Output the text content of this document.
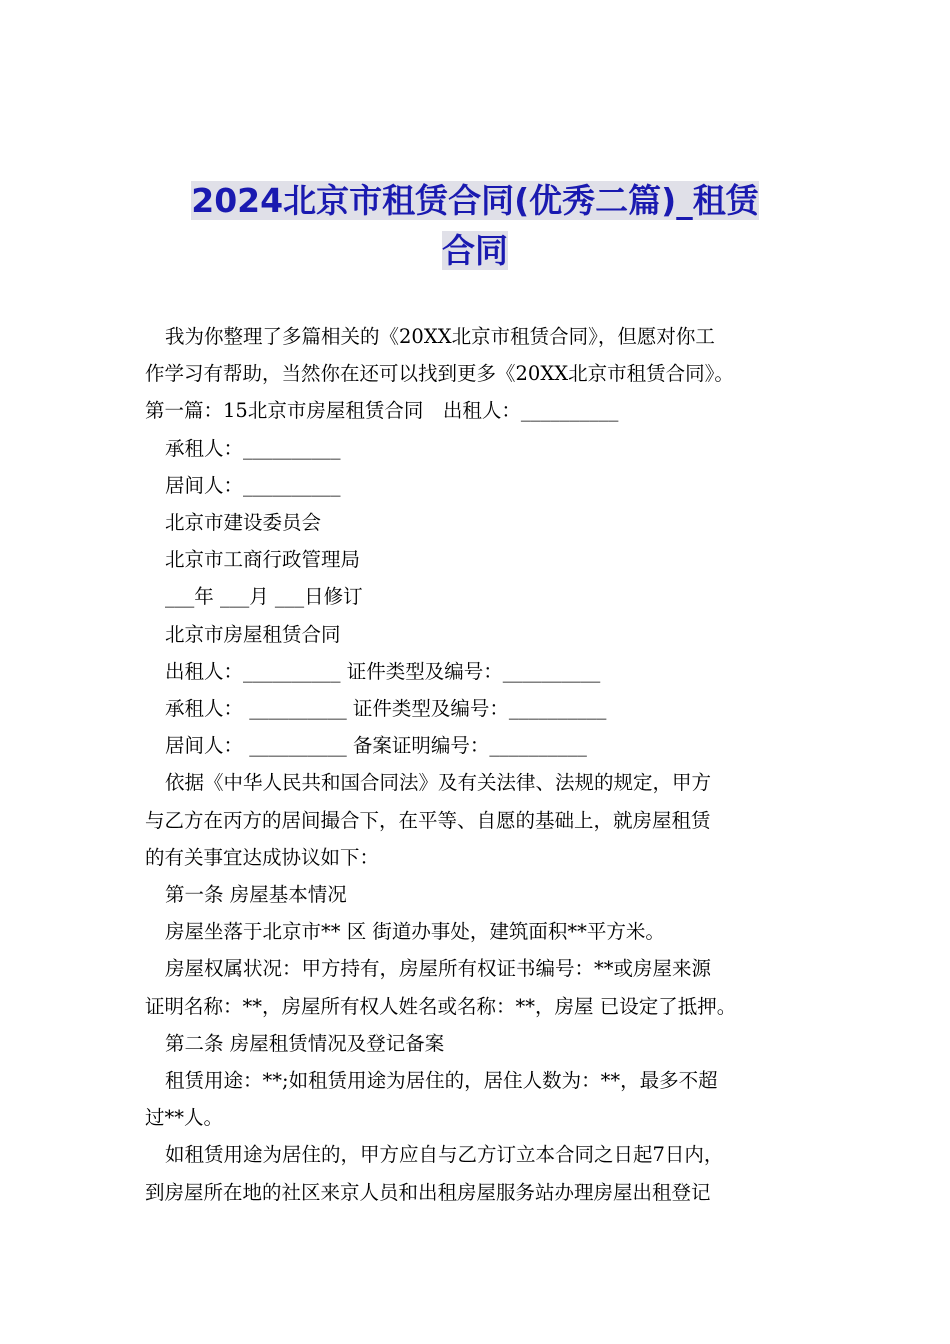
2024北京市租赁合同(优秀二篇)_租赁
合同

我为你整理了多篇相关的《20XX北京市租赁合同》，但愿对你工

作学习有帮助，当然你在还可以找到更多《20XX北京市租赁合同》。

第一篇：15北京市房屋租赁合同　出租人：__________

承租人：__________

居间人：__________

北京市建设委员会

北京市工商行政管理局

___年 ___月 ___日修订

北京市房屋租赁合同

出租人：__________ 证件类型及编号：__________

承租人： __________ 证件类型及编号：__________

居间人： __________ 备案证明编号：__________

依据《中华人民共和国合同法》及有关法律、法规的规定，甲方

与乙方在丙方的居间撮合下，在平等、自愿的基础上，就房屋租赁

的有关事宜达成协议如下：

第一条 房屋基本情况

房屋坐落于北京市** 区 街道办事处，建筑面积**平方米。

房屋权属状况：甲方持有，房屋所有权证书编号：**或房屋来源

证明名称：**，房屋所有权人姓名或名称：**，房屋 已设定了抵押。

第二条 房屋租赁情况及登记备案

租赁用途：**;如租赁用途为居住的，居住人数为：**，最多不超

过**人。

如租赁用途为居住的，甲方应自与乙方订立本合同之日起7日内，

到房屋所在地的社区来京人员和出租房屋服务站办理房屋出租登记
